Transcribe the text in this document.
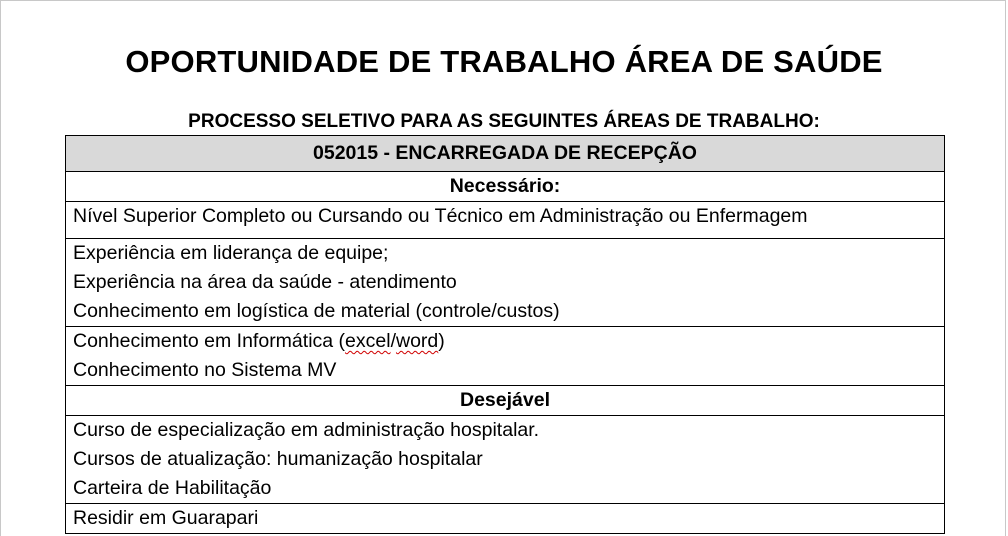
OPORTUNIDADE DE TRABALHO ÁREA DE SAÚDE
PROCESSO SELETIVO PARA AS SEGUINTES ÁREAS DE TRABALHO:
052015 - ENCARREGADA DE RECEPÇÃO
Necessário:
Nível Superior Completo ou Cursando ou Técnico em Administração ou Enfermagem

Experiência em liderança de equipe;
Experiência na área da saúde - atendimento
Conhecimento em logística de material (controle/custos)

Conhecimento em Informática (excel/word)
Conhecimento no Sistema MV

Desejável

Curso de especialização em administração hospitalar.
Cursos de atualização: humanização hospitalar
Carteira de Habilitação

Residir em Guarapari
